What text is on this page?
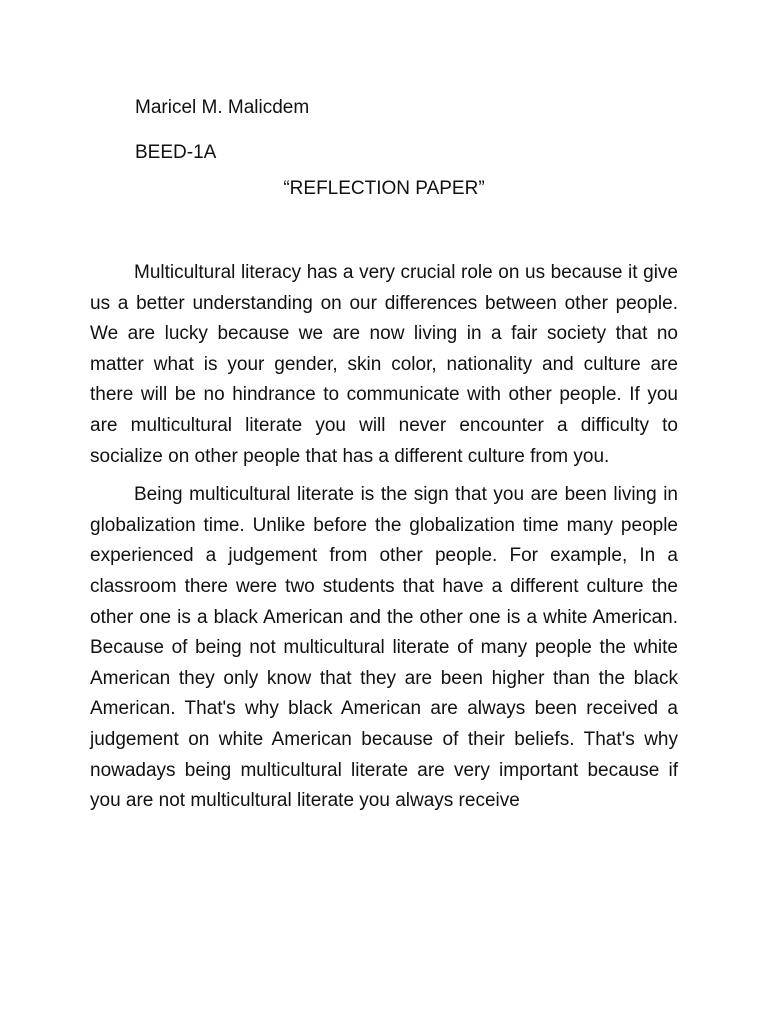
Maricel M. Malicdem
BEED-1A
“REFLECTION PAPER”

Multicultural literacy has a very crucial role on us because it give us a better understanding on our differences between other people. We are lucky because we are now living in a fair society that no matter what is your gender, skin color, nationality and culture are there will be no hindrance to communicate with other people. If you are multicultural literate you will never encounter a difficulty to socialize on other people that has a different culture from you.

Being multicultural literate is the sign that you are been living in globalization time. Unlike before the globalization time many people experienced a judgement from other people. For example, In a classroom there were two students that have a different culture the other one is a black American and the other one is a white American. Because of being not multicultural literate of many people the white American they only know that they are been higher than the black American. That's why black American are always been received a judgement on white American because of their beliefs. That's why nowadays being multicultural literate are very important because if you are not multicultural literate you always receive
